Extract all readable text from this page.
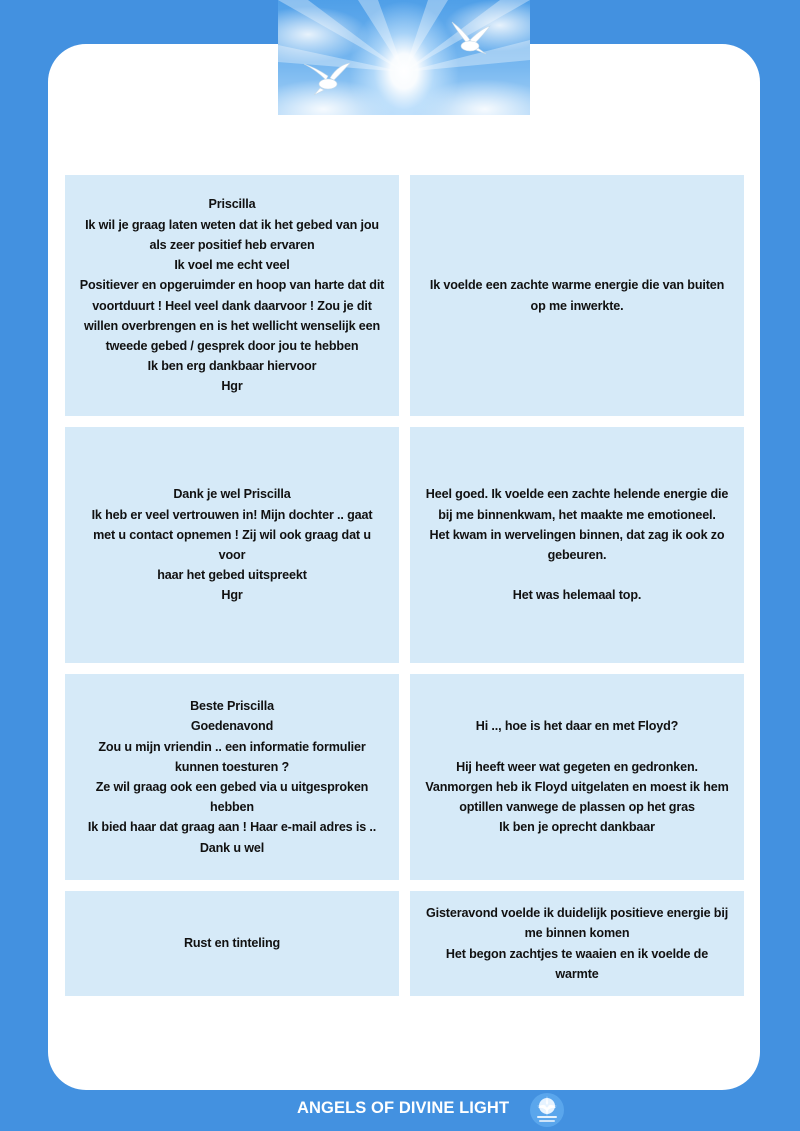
Priscilla
Ik wil je graag laten weten dat ik het gebed van jou
als zeer positief heb ervaren
Ik voel me echt veel
Positiever en opgeruimder en hoop van harte dat dit
voortduurt ! Heel veel dank daarvoor ! Zou je dit
willen overbrengen en is het wellicht wenselijk een
tweede gebed / gesprek door jou te hebben
Ik ben erg dankbaar hiervoor
Hgr
Ik voelde een zachte warme energie die van buiten
op me inwerkte.
Dank je wel Priscilla
Ik heb er veel vertrouwen in! Mijn dochter .. gaat
met u contact opnemen ! Zij wil ook graag dat u voor
haar het gebed uitspreekt
Hgr
Heel goed. Ik voelde een zachte helende energie die
bij me binnenkwam, het maakte me emotioneel.
Het kwam in wervelingen binnen, dat zag ik ook zo
gebeuren.
Het was helemaal top.
Beste Priscilla
Goedenavond
Zou u mijn vriendin .. een informatie formulier
kunnen toesturen ?
Ze wil graag ook een gebed via u uitgesproken
hebben
Ik bied haar dat graag aan ! Haar e-mail adres is ..
Dank u wel
Hi .., hoe is het daar en met Floyd?
Hij heeft weer wat gegeten en gedronken.
Vanmorgen heb ik Floyd uitgelaten en moest ik hem
optillen vanwege de plassen op het gras
Ik ben je oprecht dankbaar
Rust en tinteling
Gisteravond voelde ik duidelijk positieve energie bij
me binnen komen
Het begon zachtjes te waaien en ik voelde de
warmte
ANGELS OF DIVINE LIGHT
